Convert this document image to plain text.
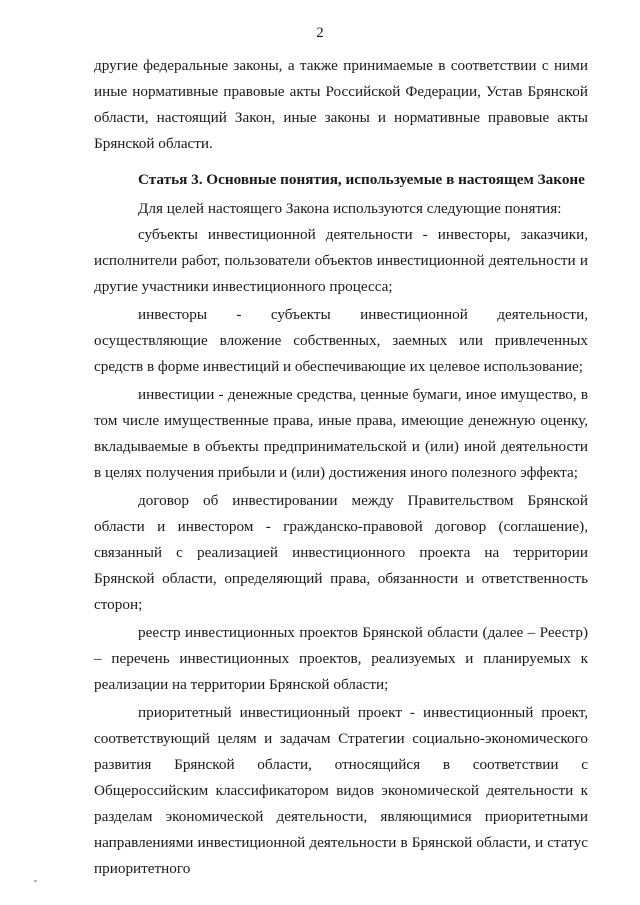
2

другие федеральные законы, а также принимаемые в соответствии с ними иные нормативные правовые акты Российской Федерации, Устав Брянской области, настоящий Закон, иные законы и нормативные правовые акты Брянской области.

Статья 3. Основные понятия, используемые в настоящем Законе

Для целей настоящего Закона используются следующие понятия:

субъекты инвестиционной деятельности - инвесторы, заказчики, исполнители работ, пользователи объектов инвестиционной деятельности и другие участники инвестиционного процесса;

инвесторы - субъекты инвестиционной деятельности, осуществляющие вложение собственных, заемных или привлеченных средств в форме инвестиций и обеспечивающие их целевое использование;

инвестиции - денежные средства, ценные бумаги, иное имущество, в том числе имущественные права, иные права, имеющие денежную оценку, вкладываемые в объекты предпринимательской и (или) иной деятельности в целях получения прибыли и (или) достижения иного полезного эффекта;

договор об инвестировании между Правительством Брянской области и инвестором - гражданско-правовой договор (соглашение), связанный с реализацией инвестиционного проекта на территории Брянской области, определяющий права, обязанности и ответственность сторон;

реестр инвестиционных проектов Брянской области (далее – Реестр) – перечень инвестиционных проектов, реализуемых и планируемых к реализации на территории Брянской области;

приоритетный инвестиционный проект - инвестиционный проект, соответствующий целям и задачам Стратегии социально-экономического развития Брянской области, относящийся в соответствии с Общероссийским классификатором видов экономической деятельности к разделам экономической деятельности, являющимися приоритетными направлениями инвестиционной деятельности в Брянской области, и статус приоритетного
